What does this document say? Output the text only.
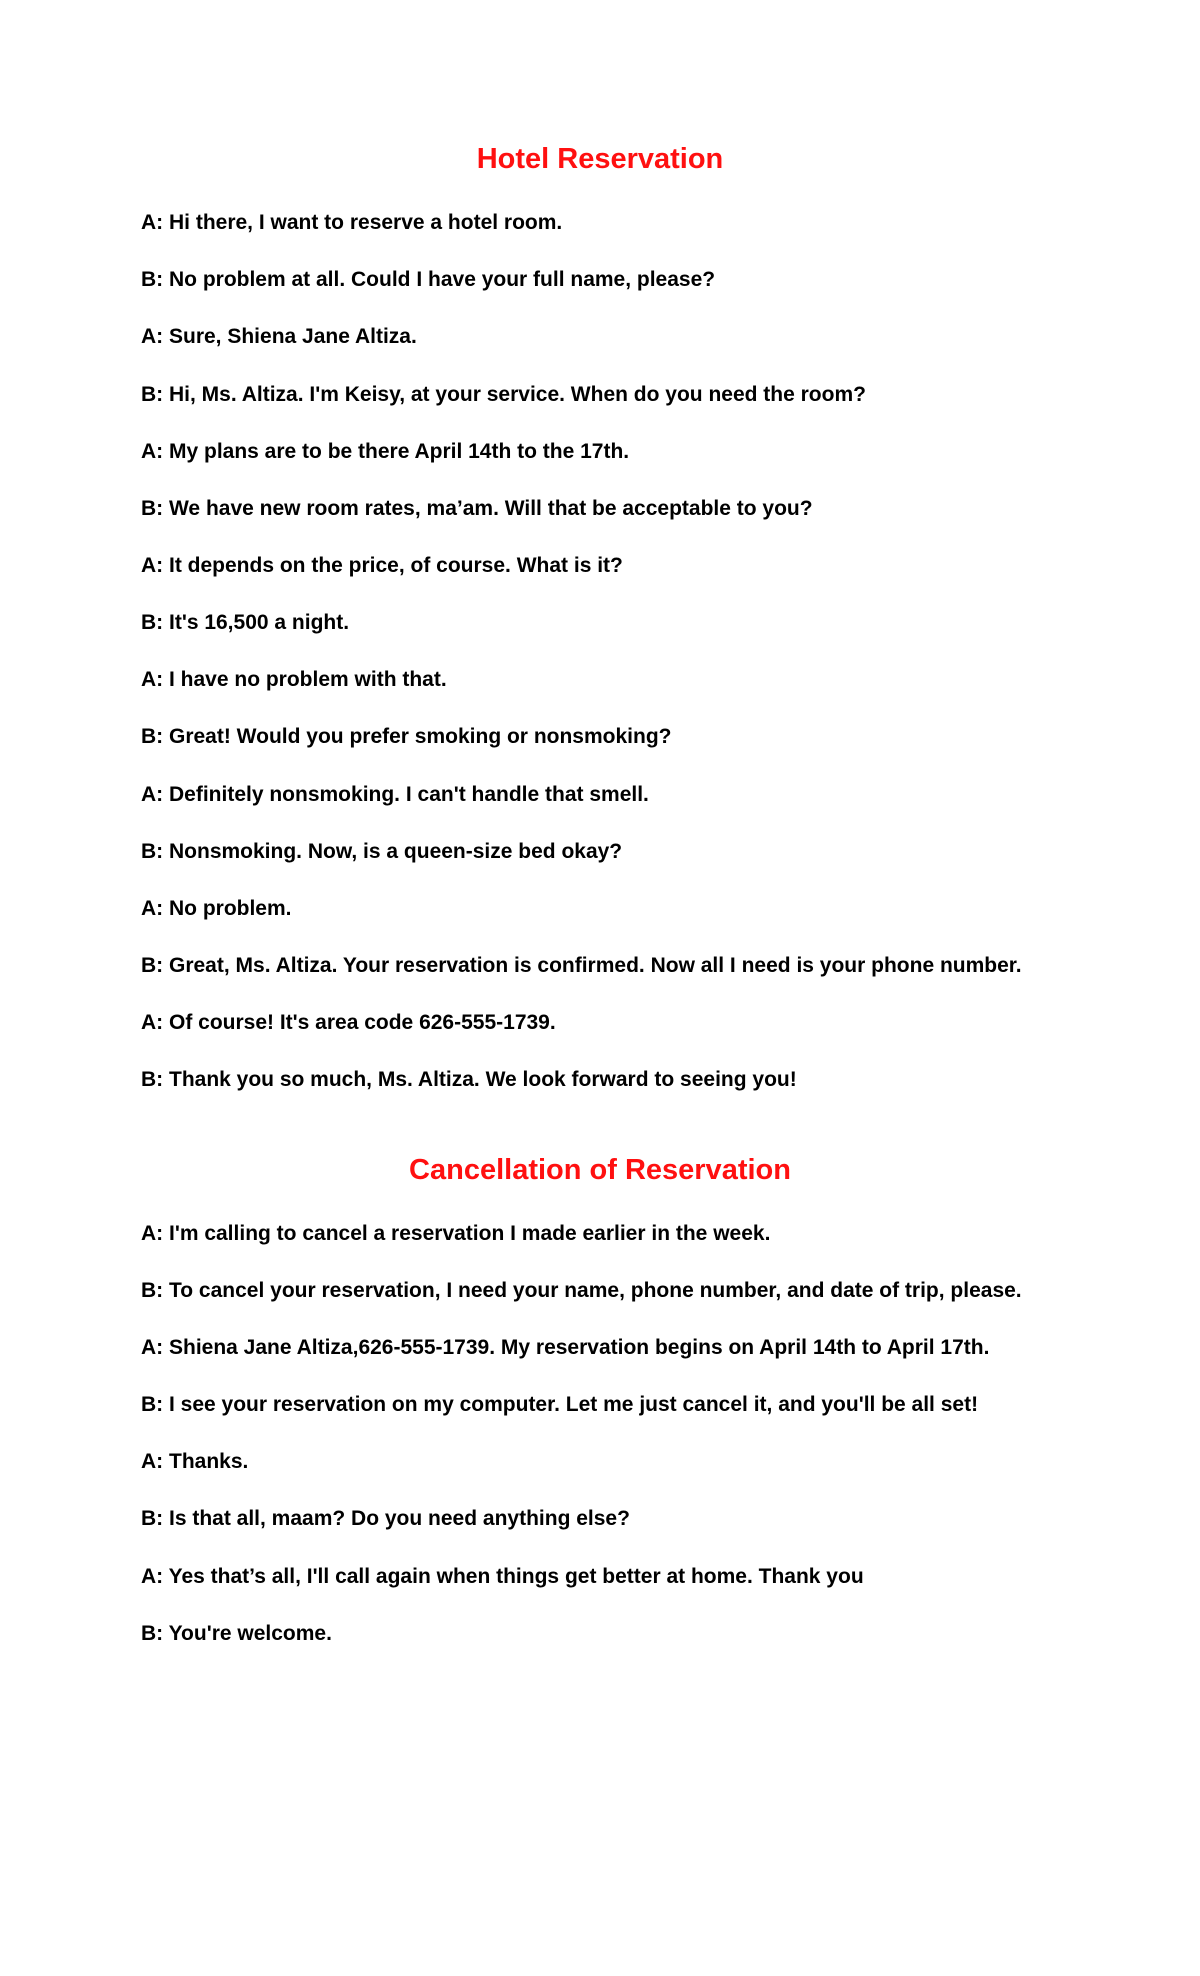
Hotel Reservation

A: Hi there, I want to reserve a hotel room.

B: No problem at all. Could I have your full name, please?

A: Sure, Shiena Jane Altiza.

B: Hi, Ms. Altiza. I'm Keisy, at your service. When do you need the room?

A: My plans are to be there April 14th to the 17th.

B: We have new room rates, ma’am. Will that be acceptable to you?

A: It depends on the price, of course. What is it?

B: It's 16,500 a night.

A: I have no problem with that.

B: Great! Would you prefer smoking or nonsmoking?

A: Definitely nonsmoking. I can't handle that smell.

B: Nonsmoking. Now, is a queen-size bed okay?

A: No problem.

B: Great, Ms. Altiza. Your reservation is confirmed. Now all I need is your phone number.

A: Of course! It's area code 626-555-1739.

B: Thank you so much, Ms. Altiza. We look forward to seeing you!

Cancellation of Reservation

A: I'm calling to cancel a reservation I made earlier in the week.

B: To cancel your reservation, I need your name, phone number, and date of trip, please.

A: Shiena Jane Altiza,626-555-1739. My reservation begins on April 14th to April 17th.

B: I see your reservation on my computer. Let me just cancel it, and you'll be all set!

A: Thanks.

B: Is that all, maam? Do you need anything else?

A: Yes that’s all, I'll call again when things get better at home. Thank you

B: You're welcome.
